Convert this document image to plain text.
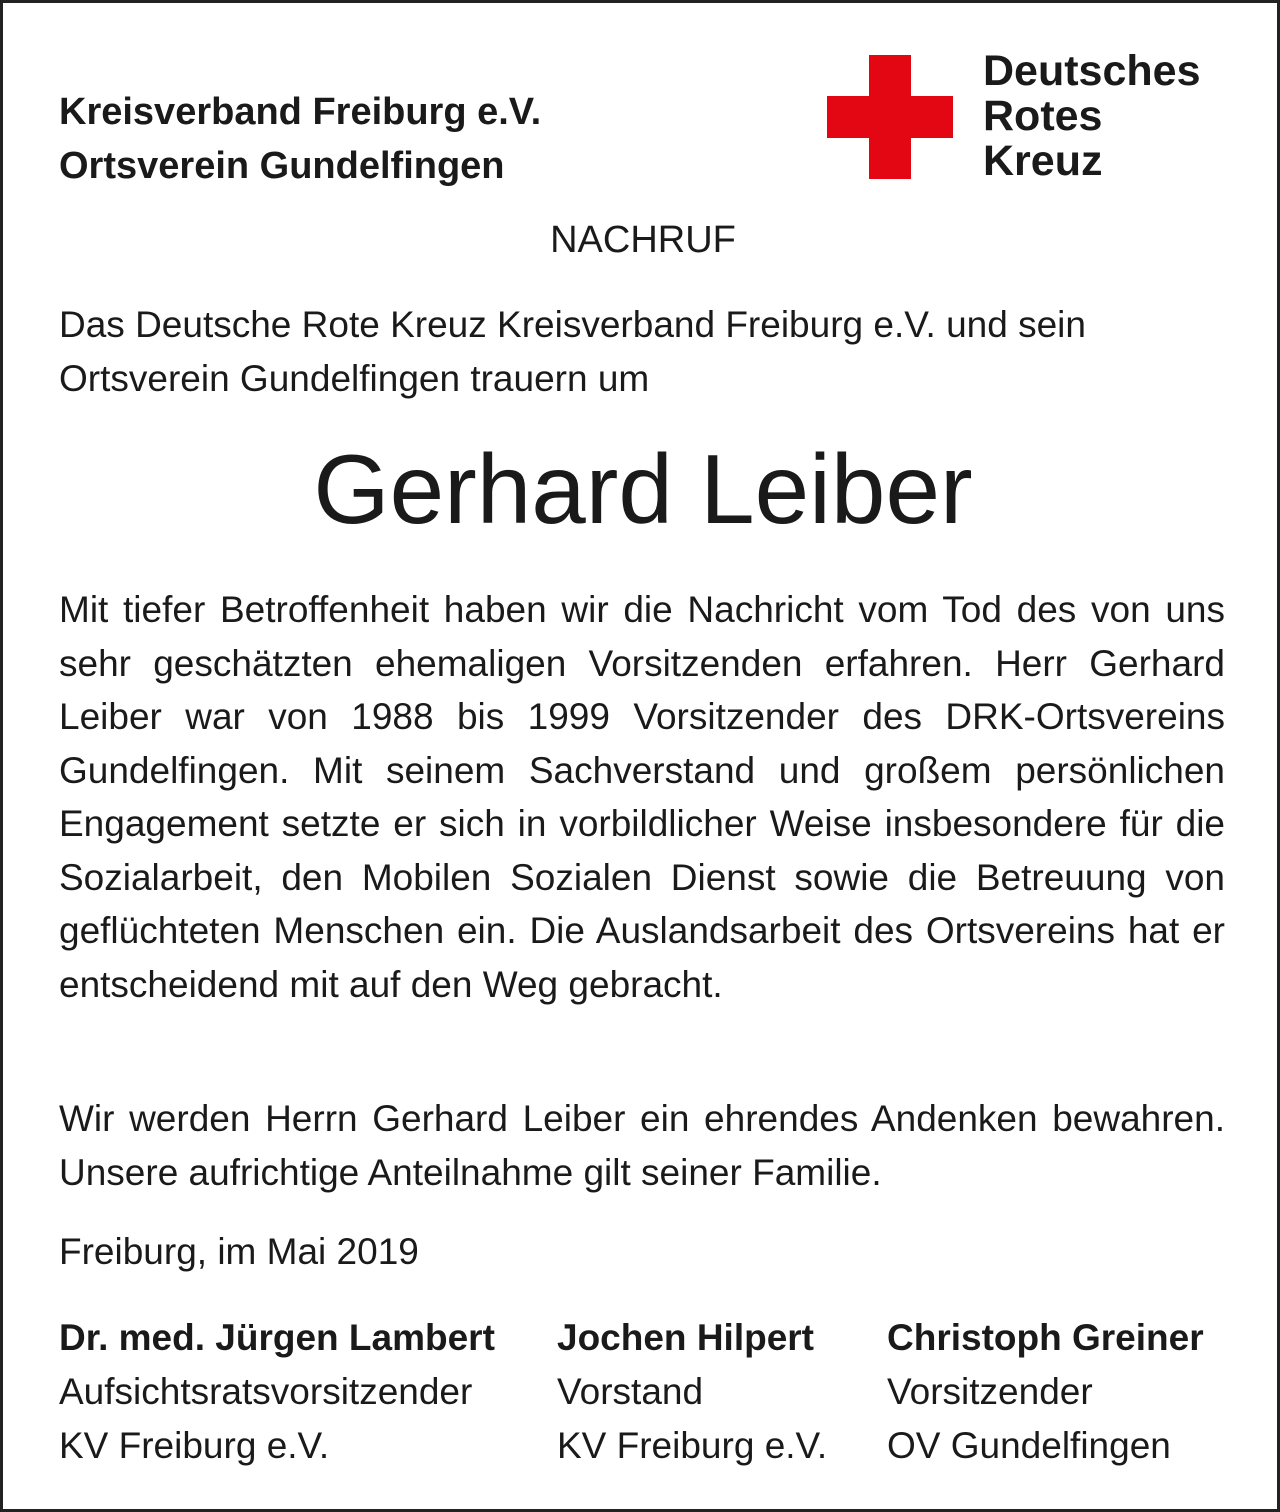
Kreisverband Freiburg e.V.
Ortsverein Gundelfingen
Deutsches
Rotes
Kreuz
NACHRUF
Das Deutsche Rote Kreuz Kreisverband Freiburg e.V. und sein Ortsverein Gundelfingen trauern um
Gerhard Leiber
Mit tiefer Betroffenheit haben wir die Nachricht vom Tod des von uns sehr geschätzten ehemaligen Vorsitzenden erfahren. Herr Gerhard Leiber war von 1988 bis 1999 Vorsitzender des DRK-Ortsvereins Gundelfingen. Mit seinem Sachverstand und großem persönlichen Engagement setzte er sich in vorbildlicher Weise insbesondere für die Sozialarbeit, den Mobilen Sozialen Dienst sowie die Betreuung von geflüchteten Menschen ein. Die Auslandsarbeit des Ortsvereins hat er entscheidend mit auf den Weg gebracht.
Wir werden Herrn Gerhard Leiber ein ehrendes Andenken bewahren. Unsere aufrichtige Anteilnahme gilt seiner Familie.
Freiburg, im Mai 2019
Dr. med. Jürgen Lambert
Aufsichtsratsvorsitzender
KV Freiburg e.V.
Jochen Hilpert
Vorstand
KV Freiburg e.V.
Christoph Greiner
Vorsitzender
OV Gundelfingen
